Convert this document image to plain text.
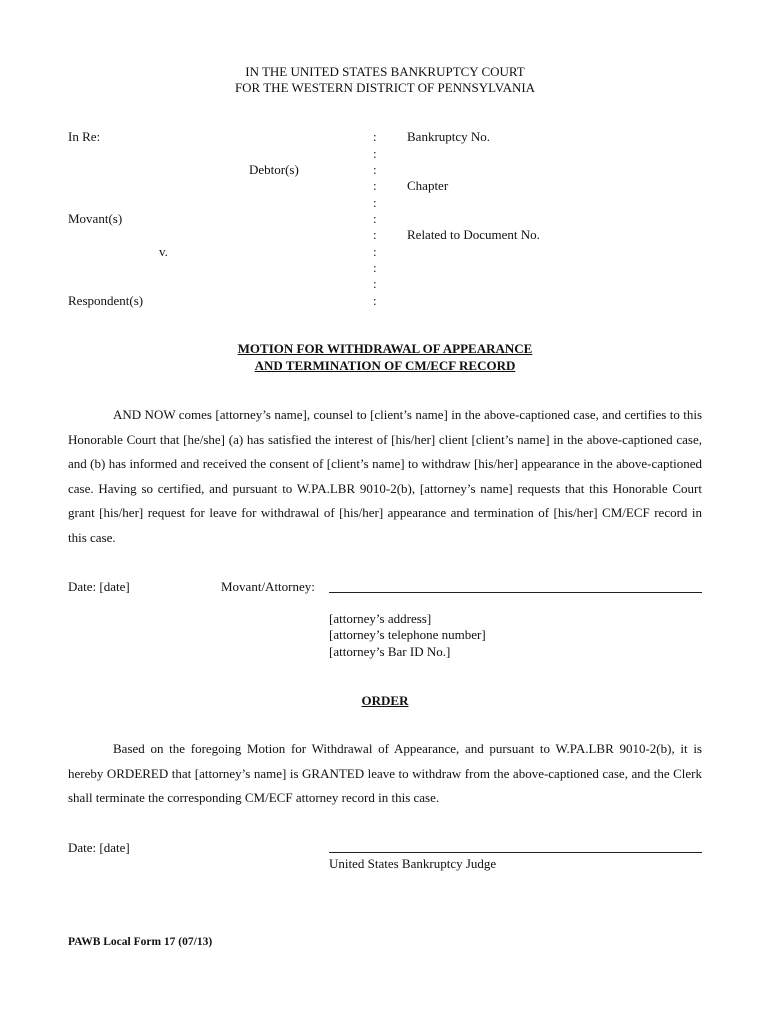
IN THE UNITED STATES BANKRUPTCY COURT
FOR THE WESTERN DISTRICT OF PENNSYLVANIA
In Re:
Debtor(s)
Movant(s)
v.
Respondent(s)
:
:
:
:
:
:
:
:
:
:
:
Bankruptcy No.
Chapter
Related to Document No.
MOTION FOR WITHDRAWAL OF APPEARANCE
AND TERMINATION OF CM/ECF RECORD
AND NOW comes [attorney’s name], counsel to [client’s name] in the above-captioned case, and certifies to this Honorable Court that [he/she] (a) has satisfied the interest of [his/her] client [client’s name] in the above-captioned case, and (b) has informed and received the consent of [client’s name] to withdraw [his/her] appearance in the above-captioned case. Having so certified, and pursuant to W.PA.LBR 9010-2(b), [attorney’s name] requests that this Honorable Court grant [his/her] request for leave for withdrawal of [his/her] appearance and termination of [his/her] CM/ECF record in this case.
Date: [date]	Movant/Attorney:
[attorney’s address]
[attorney’s telephone number]
[attorney’s Bar ID No.]
ORDER
Based on the foregoing Motion for Withdrawal of Appearance, and pursuant to W.PA.LBR 9010-2(b), it is hereby ORDERED that [attorney’s name] is GRANTED leave to withdraw from the above-captioned case, and the Clerk shall terminate the corresponding CM/ECF attorney record in this case.
Date: [date]
United States Bankruptcy Judge
PAWB Local Form 17 (07/13)
